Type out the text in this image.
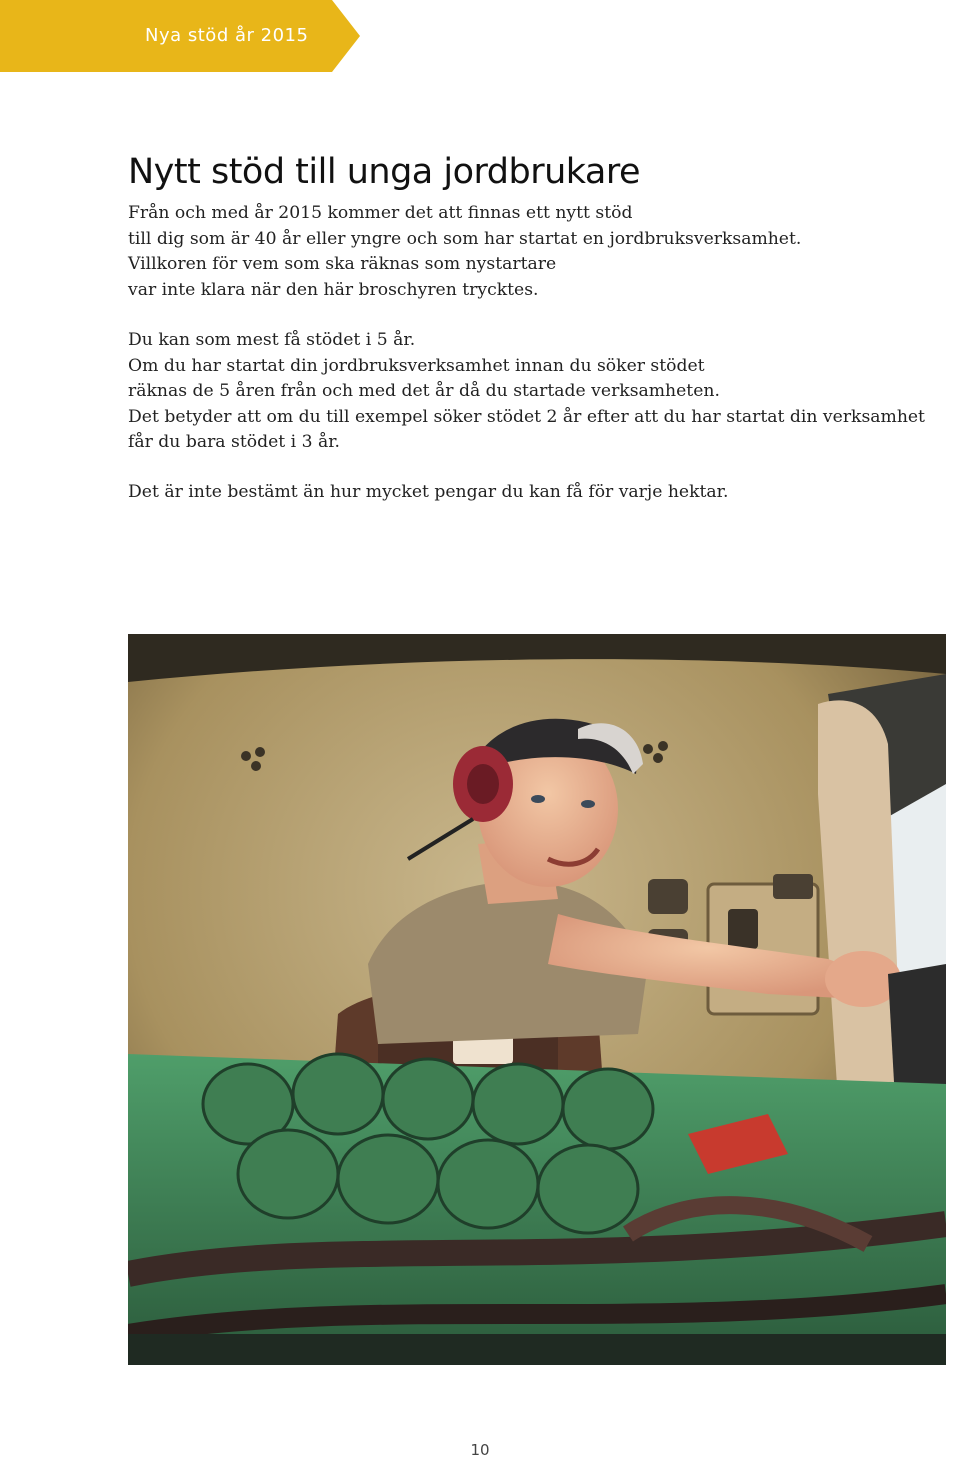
Nya stöd år 2015
Nytt stöd till unga jordbrukare

Från och med år 2015 kommer det att finnas ett nytt stöd
till dig som är 40 år eller yngre och som har startat en jordbruksverksamhet.
Villkoren för vem som ska räknas som nystartare
var inte klara när den här broschyren trycktes.

Du kan som mest få stödet i 5 år.
Om du har startat din jordbruksverksamhet innan du söker stödet
räknas de 5 åren från och med det år då du startade verksamheten.
Det betyder att om du till exempel söker stödet 2 år efter att du har startat din verksamhet
får du bara stödet i 3 år.

Det är inte bestämt än hur mycket pengar du kan få för varje hektar.

10
